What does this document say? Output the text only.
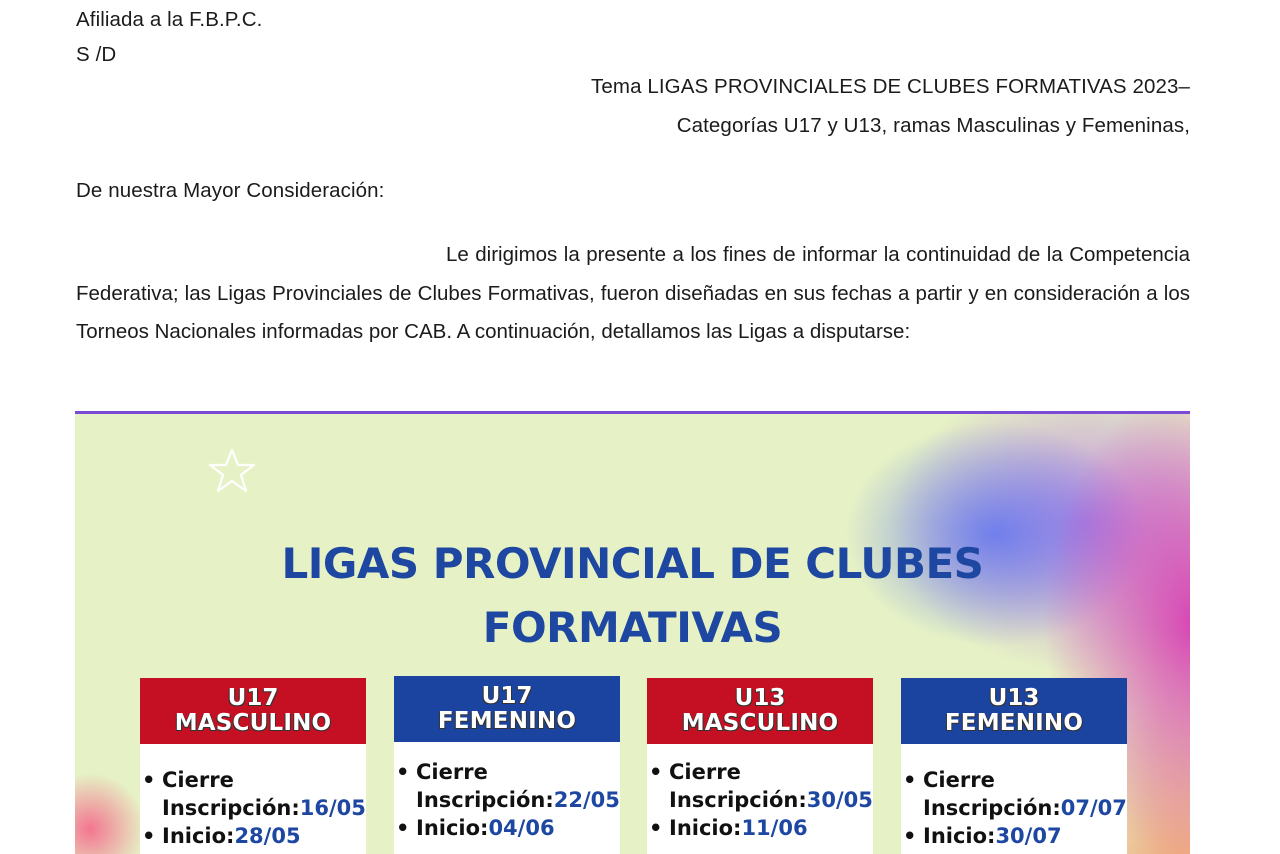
Afiliada a la F.B.P.C.
S /D
Tema LIGAS PROVINCIALES DE CLUBES FORMATIVAS 2023–
Categorías U17 y U13, ramas Masculinas y Femeninas,
De nuestra Mayor Consideración:
Le dirigimos la presente a los fines de informar la continuidad de la Competencia Federativa; las Ligas Provinciales de Clubes Formativas, fueron diseñadas en sus fechas a partir y en consideración a los Torneos Nacionales informadas por CAB. A continuación, detallamos las Ligas a disputarse:
LIGAS PROVINCIAL DE CLUBES
FORMATIVAS
U17
MASCULINO
• Cierre
Inscripción:16/05
• Inicio:28/05
U17
FEMENINO
• Cierre
Inscripción:22/05
• Inicio:04/06
U13
MASCULINO
• Cierre
Inscripción:30/05
• Inicio:11/06
U13
FEMENINO
• Cierre
Inscripción:07/07
• Inicio:30/07
